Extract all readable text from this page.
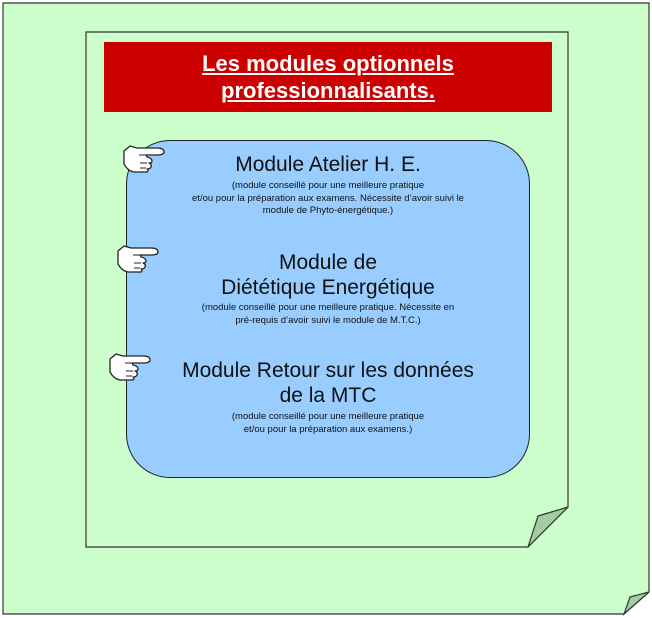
Les modules optionnels
professionnalisants.
Module Atelier H. E.
(module conseillé pour une meilleure pratique
et/ou pour la préparation aux examens. Nécessite d’avoir suivi le
module de Phyto-énergétique.)
Module de
Diététique Energétique
(module conseillé pour une meilleure pratique. Nécessite en
pré-requis d’avoir suivi le module de M.T.C.)
Module Retour sur les données
de la MTC
(module conseillé pour une meilleure pratique
et/ou pour la préparation aux examens.)
